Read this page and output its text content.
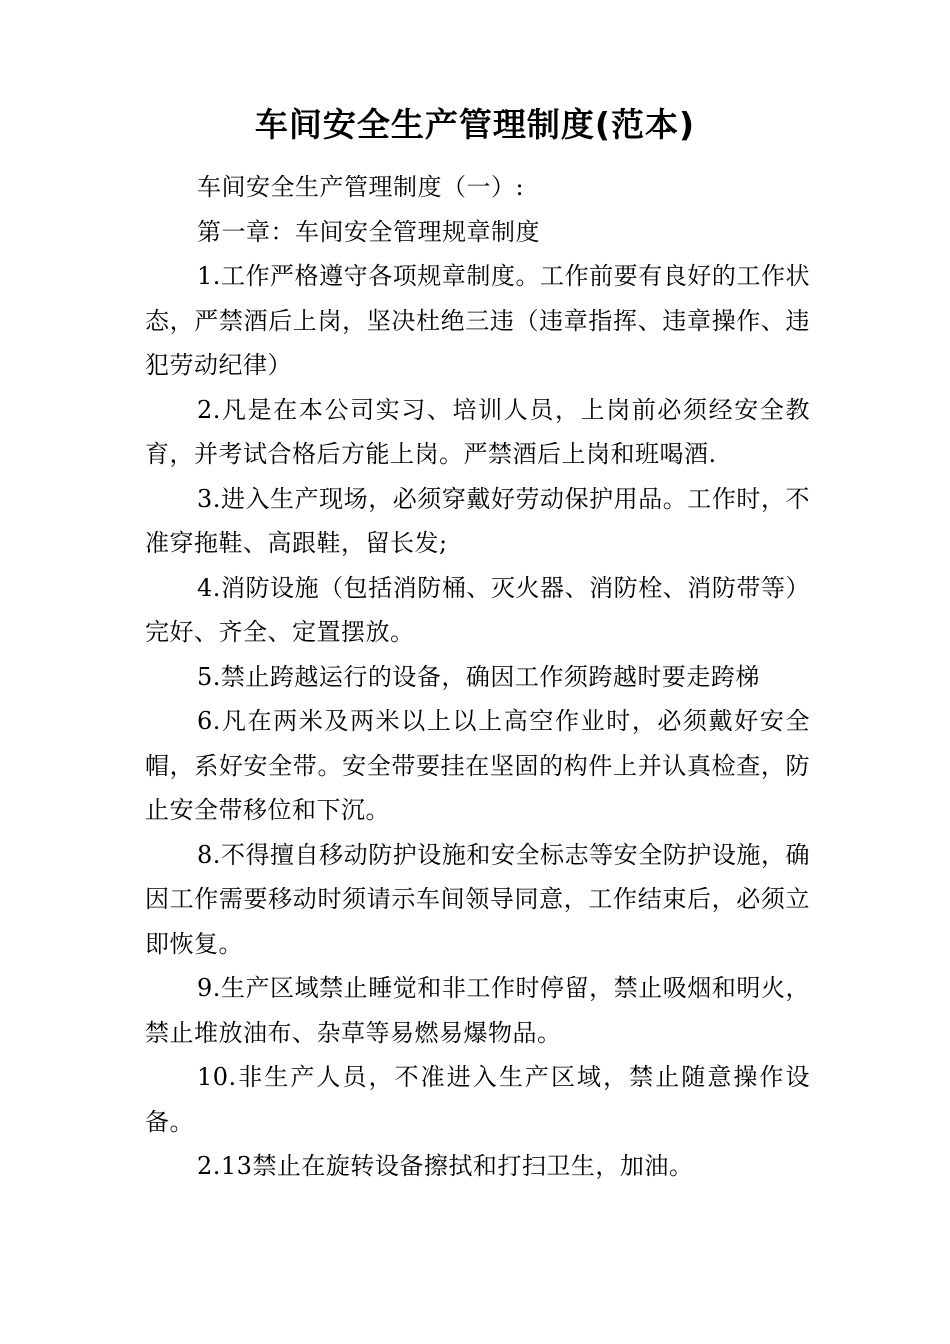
车间安全生产管理制度(范本)

车间安全生产管理制度（一）:

第一章：车间安全管理规章制度

1.工作严格遵守各项规章制度。工作前要有良好的工作状态，严禁酒后上岗，坚决杜绝三违（违章指挥、违章操作、违犯劳动纪律）

2.凡是在本公司实习、培训人员，上岗前必须经安全教育，并考试合格后方能上岗。严禁酒后上岗和班喝酒.

3.进入生产现场，必须穿戴好劳动保护用品。工作时，不准穿拖鞋、高跟鞋，留长发;

4.消防设施（包括消防桶、灭火器、消防栓、消防带等）完好、齐全、定置摆放。

5.禁止跨越运行的设备，确因工作须跨越时要走跨梯

6.凡在两米及两米以上以上高空作业时，必须戴好安全帽，系好安全带。安全带要挂在坚固的构件上并认真检查，防止安全带移位和下沉。

8.不得擅自移动防护设施和安全标志等安全防护设施，确因工作需要移动时须请示车间领导同意，工作结束后，必须立即恢复。

9.生产区域禁止睡觉和非工作时停留，禁止吸烟和明火，禁止堆放油布、杂草等易燃易爆物品。

10.非生产人员，不准进入生产区域，禁止随意操作设备。

2.13禁止在旋转设备擦拭和打扫卫生，加油。
